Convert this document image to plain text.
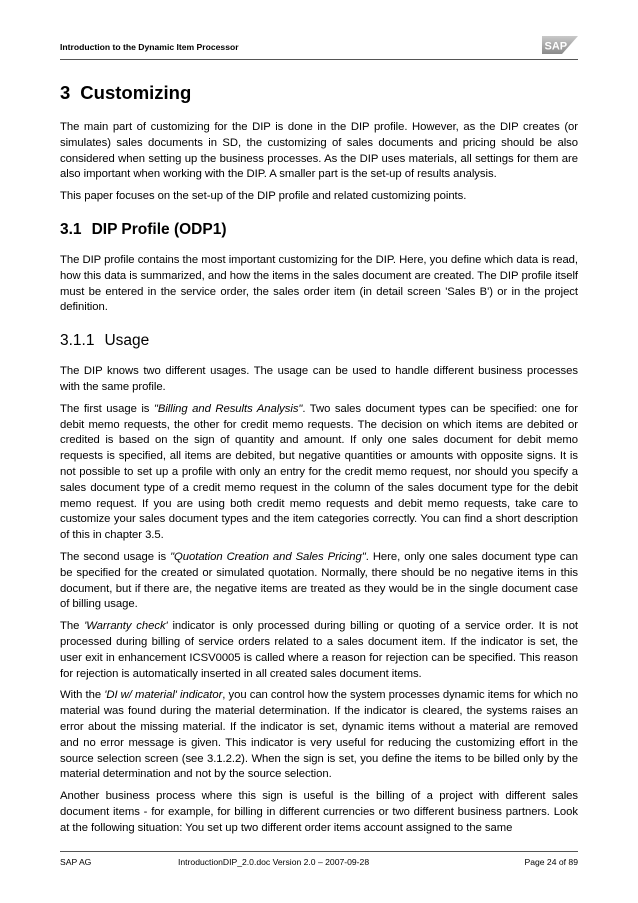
Introduction to the Dynamic Item Processor	SAP
3 Customizing

The main part of customizing for the DIP is done in the DIP profile. However, as the DIP creates (or simulates) sales documents in SD, the customizing of sales documents and pricing should be also considered when setting up the business processes. As the DIP uses materials, all settings for them are also important when working with the DIP. A smaller part is the set-up of results analysis.

This paper focuses on the set-up of the DIP profile and related customizing points.

3.1 DIP Profile (ODP1)

The DIP profile contains the most important customizing for the DIP. Here, you define which data is read, how this data is summarized, and how the items in the sales document are created. The DIP profile itself must be entered in the service order, the sales order item (in detail screen 'Sales B') or in the project definition.

3.1.1 Usage

The DIP knows two different usages. The usage can be used to handle different business processes with the same profile.

The first usage is "Billing and Results Analysis". Two sales document types can be specified: one for debit memo requests, the other for credit memo requests. The decision on which items are debited or credited is based on the sign of quantity and amount. If only one sales document for debit memo requests is specified, all items are debited, but negative quantities or amounts with opposite signs. It is not possible to set up a profile with only an entry for the credit memo request, nor should you specify a sales document type of a credit memo request in the column of the sales document type for the debit memo request. If you are using both credit memo requests and debit memo requests, take care to customize your sales document types and the item categories correctly. You can find a short description of this in chapter 3.5.

The second usage is "Quotation Creation and Sales Pricing". Here, only one sales document type can be specified for the created or simulated quotation. Normally, there should be no negative items in this document, but if there are, the negative items are treated as they would be in the single document case of billing usage.

The 'Warranty check' indicator is only processed during billing or quoting of a service order. It is not processed during billing of service orders related to a sales document item. If the indicator is set, the user exit in enhancement ICSV0005 is called where a reason for rejection can be specified. This reason for rejection is automatically inserted in all created sales document items.

With the 'DI w/ material' indicator, you can control how the system processes dynamic items for which no material was found during the material determination. If the indicator is cleared, the systems raises an error about the missing material. If the indicator is set, dynamic items without a material are removed and no error message is given. This indicator is very useful for reducing the customizing effort in the source selection screen (see 3.1.2.2). When the sign is set, you define the items to be billed only by the material determination and not by the source selection.

Another business process where this sign is useful is the billing of a project with different sales document items - for example, for billing in different currencies or two different business partners. Look at the following situation: You set up two different order items account assigned to the same

SAP AG	IntroductionDIP_2.0.doc Version 2.0 – 2007-09-28	Page 24 of 89
